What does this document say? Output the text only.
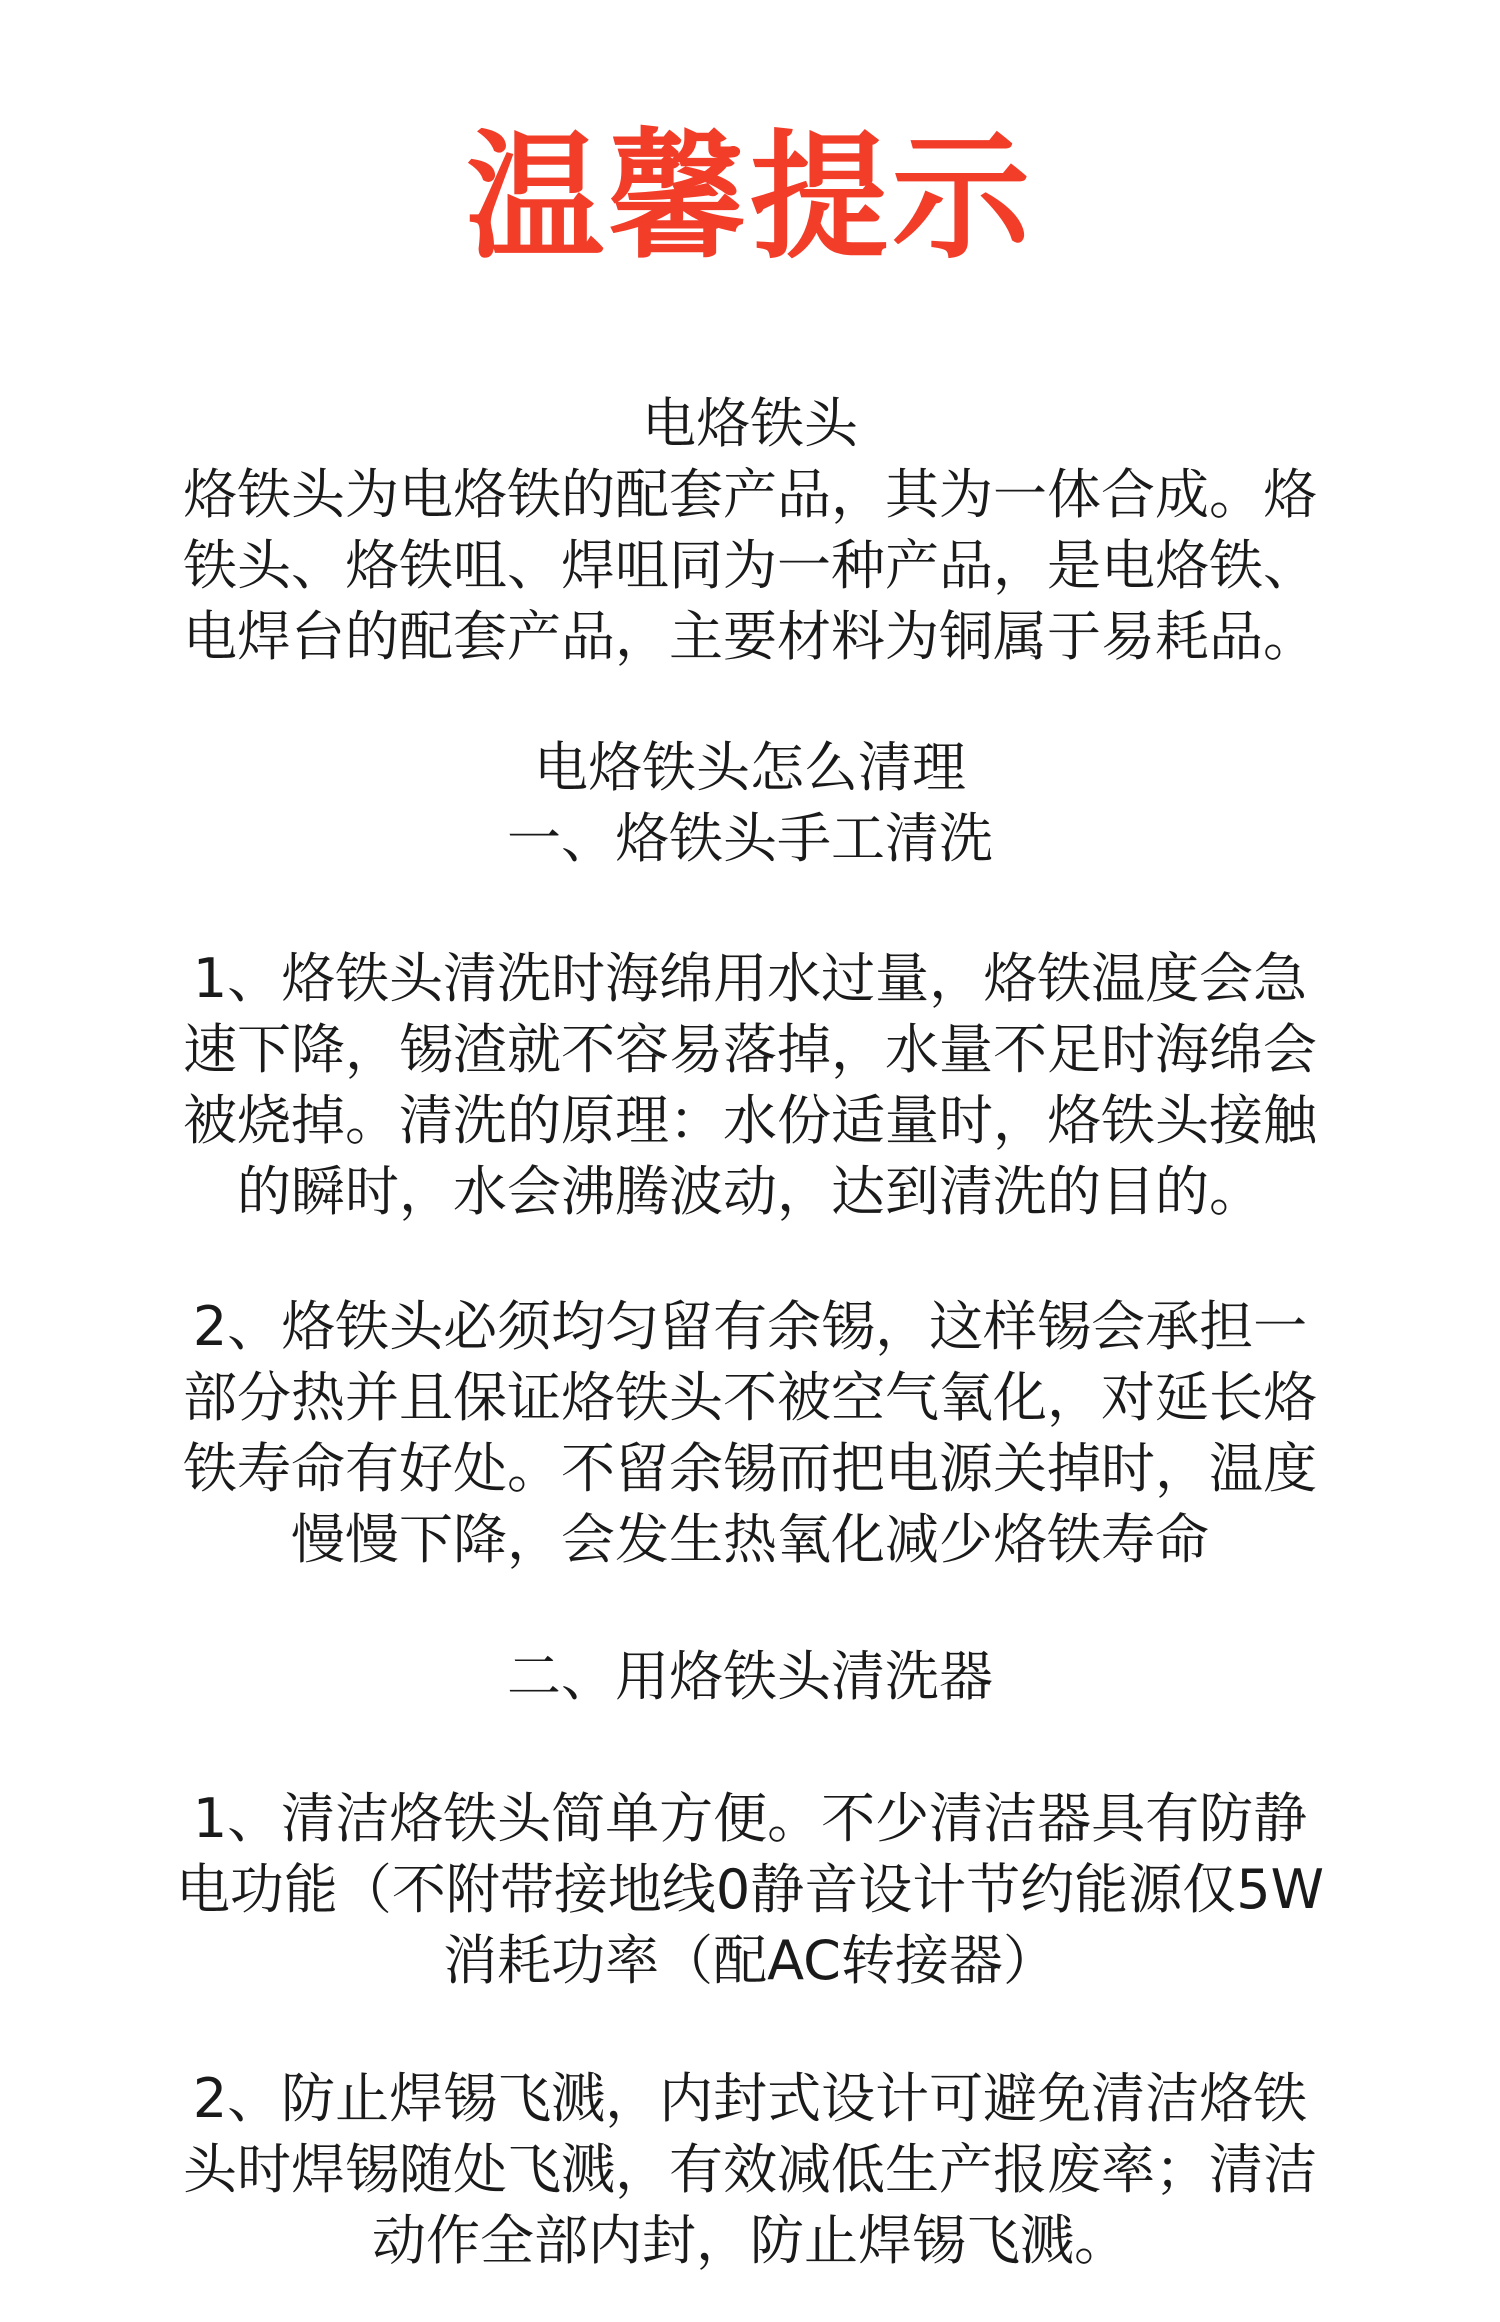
温馨提示
电烙铁头
烙铁头为电烙铁的配套产品，其为一体合成。烙
铁头、烙铁咀、焊咀同为一种产品，是电烙铁、
电焊台的配套产品，主要材料为铜属于易耗品。
电烙铁头怎么清理
一、烙铁头手工清洗
1、烙铁头清洗时海绵用水过量，烙铁温度会急
速下降，锡渣就不容易落掉，水量不足时海绵会
被烧掉。清洗的原理：水份适量时，烙铁头接触
的瞬时，水会沸腾波动，达到清洗的目的。
2、烙铁头必须均匀留有余锡，这样锡会承担一
部分热并且保证烙铁头不被空气氧化，对延长烙
铁寿命有好处。不留余锡而把电源关掉时，温度
慢慢下降，会发生热氧化减少烙铁寿命
二、用烙铁头清洗器
1、清洁烙铁头简单方便。不少清洁器具有防静
电功能（不附带接地线0静音设计节约能源仅5W
消耗功率（配AC转接器）
2、防止焊锡飞溅，内封式设计可避免清洁烙铁
头时焊锡随处飞溅，有效减低生产报废率；清洁
动作全部内封，防止焊锡飞溅。
